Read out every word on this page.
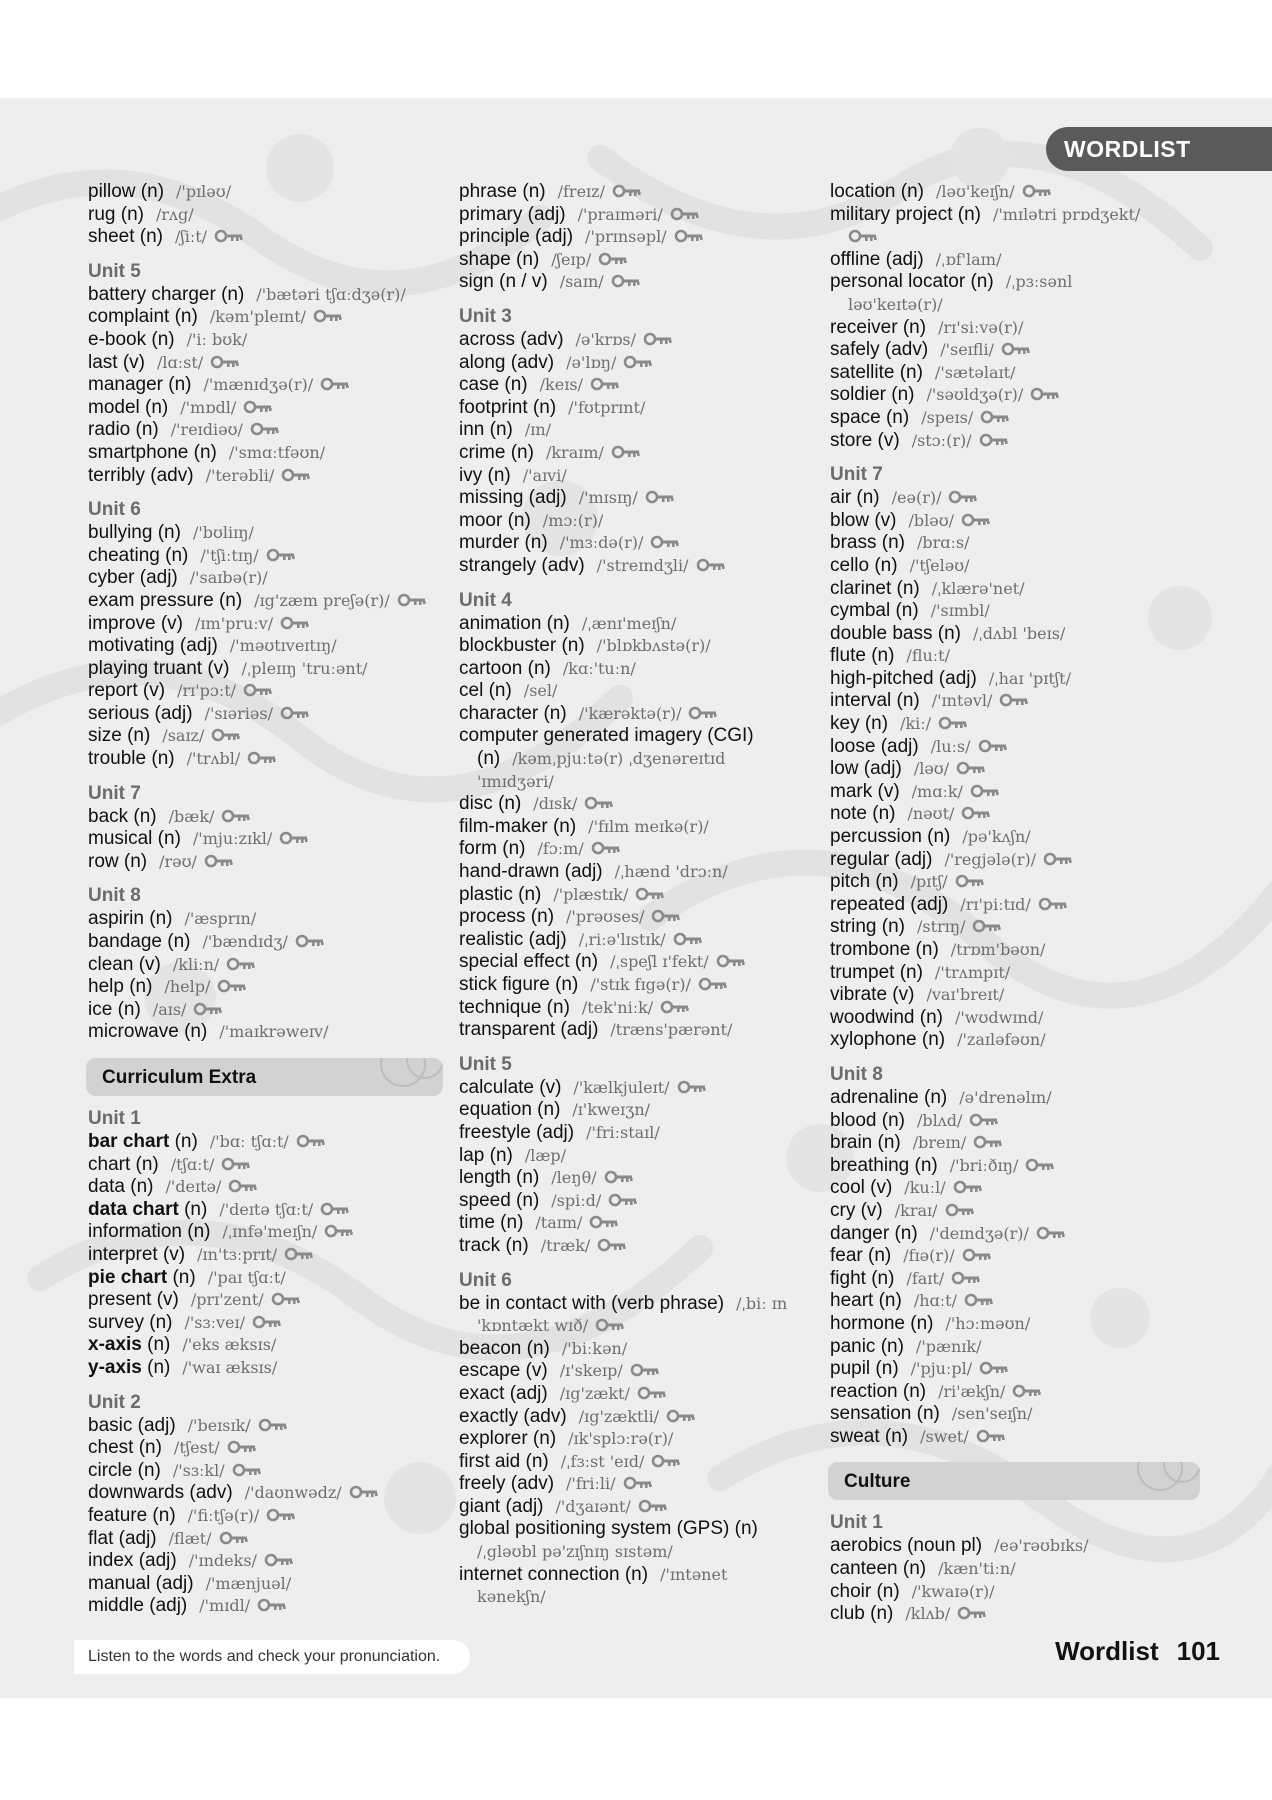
WORDLIST
pillow (n) /'pɪləʊ/
rug (n) /rʌg/
sheet (n) /ʃiːt/
Unit 5
battery charger (n) /'bætəri tʃɑːdʒə(r)/
complaint (n) /kəm'pleɪnt/
e-book (n) /'iː bʊk/
last (v) /lɑːst/
manager (n) /'mænɪdʒə(r)/
model (n) /'mɒdl/
radio (n) /'reɪdiəʊ/
smartphone (n) /'smɑːtfəʊn/
terribly (adv) /'terəbli/
Unit 6
bullying (n) /'bʊliɪŋ/
cheating (n) /'tʃiːtɪŋ/
cyber (adj) /'saɪbə(r)/
exam pressure (n) /ɪg'zæm preʃə(r)/
improve (v) /ɪm'pruːv/
motivating (adj) /'məʊtɪveɪtɪŋ/
playing truant (v) /ˌpleɪɪŋ 'truːənt/
report (v) /rɪ'pɔːt/
serious (adj) /'sɪəriəs/
size (n) /saɪz/
trouble (n) /'trʌbl/
Unit 7
back (n) /bæk/
musical (n) /'mjuːzɪkl/
row (n) /rəʊ/
Unit 8
aspirin (n) /'æsprɪn/
bandage (n) /'bændɪdʒ/
clean (v) /kliːn/
help (n) /help/
ice (n) /aɪs/
microwave (n) /'maɪkrəweɪv/
Curriculum Extra
Unit 1
bar chart (n) /'bɑː tʃɑːt/
chart (n) /tʃɑːt/
data (n) /'deɪtə/
data chart (n) /'deɪtə tʃɑːt/
information (n) /ˌɪnfə'meɪʃn/
interpret (v) /ɪn'tɜːprɪt/
pie chart (n) /'paɪ tʃɑːt/
present (v) /prɪ'zent/
survey (n) /'sɜːveɪ/
x-axis (n) /'eks æksɪs/
y-axis (n) /'waɪ æksɪs/
Unit 2
basic (adj) /'beɪsɪk/
chest (n) /tʃest/
circle (n) /'sɜːkl/
downwards (adv) /'daʊnwədz/
feature (n) /'fiːtʃə(r)/
flat (adj) /flæt/
index (adj) /'ɪndeks/
manual (adj) /'mænjuəl/
middle (adj) /'mɪdl/
phrase (n) /freɪz/
primary (adj) /'praɪməri/
principle (adj) /'prɪnsəpl/
shape (n) /ʃeɪp/
sign (n / v) /saɪn/
Unit 3
across (adv) /ə'krɒs/
along (adv) /ə'lɒŋ/
case (n) /keɪs/
footprint (n) /'fʊtprɪnt/
inn (n) /ɪn/
crime (n) /kraɪm/
ivy (n) /'aɪvi/
missing (adj) /'mɪsɪŋ/
moor (n) /mɔː(r)/
murder (n) /'mɜːdə(r)/
strangely (adv) /'streɪndʒli/
Unit 4
animation (n) /ˌænɪ'meɪʃn/
blockbuster (n) /'blɒkbʌstə(r)/
cartoon (n) /kɑː'tuːn/
cel (n) /sel/
character (n) /'kærəktə(r)/
computer generated imagery (CGI)
(n) /kəmˌpjuːtə(r) ˌdʒenəreɪtɪd
'ɪmɪdʒəri/
disc (n) /dɪsk/
film-maker (n) /'fɪlm meɪkə(r)/
form (n) /fɔːm/
hand-drawn (adj) /ˌhænd 'drɔːn/
plastic (n) /'plæstɪk/
process (n) /'prəʊses/
realistic (adj) /ˌriːə'lɪstɪk/
special effect (n) /ˌspeʃl ɪ'fekt/
stick figure (n) /'stɪk fɪgə(r)/
technique (n) /tek'niːk/
transparent (adj) /træns'pærənt/
Unit 5
calculate (v) /'kælkjuleɪt/
equation (n) /ɪ'kweɪʒn/
freestyle (adj) /'friːstaɪl/
lap (n) /læp/
length (n) /leŋθ/
speed (n) /spiːd/
time (n) /taɪm/
track (n) /træk/
Unit 6
be in contact with (verb phrase) /ˌbiː ɪn
'kɒntækt wɪð/
beacon (n) /'biːkən/
escape (v) /ɪ'skeɪp/
exact (adj) /ɪg'zækt/
exactly (adv) /ɪg'zæktli/
explorer (n) /ɪk'splɔːrə(r)/
first aid (n) /ˌfɜːst 'eɪd/
freely (adv) /'friːli/
giant (adj) /'dʒaɪənt/
global positioning system (GPS) (n)
/ˌgləʊbl pə'zɪʃnɪŋ sɪstəm/
internet connection (n) /'ɪntənet
kənekʃn/
location (n) /ləʊ'keɪʃn/
military project (n) /'mɪlətri prɒdʒekt/
offline (adj) /ˌɒf'laɪn/
personal locator (n) /ˌpɜːsənl
ləʊ'keɪtə(r)/
receiver (n) /rɪ'siːvə(r)/
safely (adv) /'seɪfli/
satellite (n) /'sætəlaɪt/
soldier (n) /'səʊldʒə(r)/
space (n) /speɪs/
store (v) /stɔː(r)/
Unit 7
air (n) /eə(r)/
blow (v) /bləʊ/
brass (n) /brɑːs/
cello (n) /'tʃeləʊ/
clarinet (n) /ˌklærə'net/
cymbal (n) /'sɪmbl/
double bass (n) /ˌdʌbl 'beɪs/
flute (n) /fluːt/
high-pitched (adj) /ˌhaɪ 'pɪtʃt/
interval (n) /'ɪntəvl/
key (n) /kiː/
loose (adj) /luːs/
low (adj) /ləʊ/
mark (v) /mɑːk/
note (n) /nəʊt/
percussion (n) /pə'kʌʃn/
regular (adj) /'regjələ(r)/
pitch (n) /pɪtʃ/
repeated (adj) /rɪ'piːtɪd/
string (n) /strɪŋ/
trombone (n) /trɒm'bəʊn/
trumpet (n) /'trʌmpɪt/
vibrate (v) /vaɪ'breɪt/
woodwind (n) /'wʊdwɪnd/
xylophone (n) /'zaɪləfəʊn/
Unit 8
adrenaline (n) /ə'drenəlɪn/
blood (n) /blʌd/
brain (n) /breɪn/
breathing (n) /'briːðɪŋ/
cool (v) /kuːl/
cry (v) /kraɪ/
danger (n) /'deɪndʒə(r)/
fear (n) /fɪə(r)/
fight (n) /faɪt/
heart (n) /hɑːt/
hormone (n) /'hɔːməʊn/
panic (n) /'pænɪk/
pupil (n) /'pjuːpl/
reaction (n) /ri'ækʃn/
sensation (n) /sen'seɪʃn/
sweat (n) /swet/
Culture
Unit 1
aerobics (noun pl) /eə'rəʊbɪks/
canteen (n) /kæn'tiːn/
choir (n) /'kwaɪə(r)/
club (n) /klʌb/
Listen to the words and check your pronunciation.	Wordlist 101
